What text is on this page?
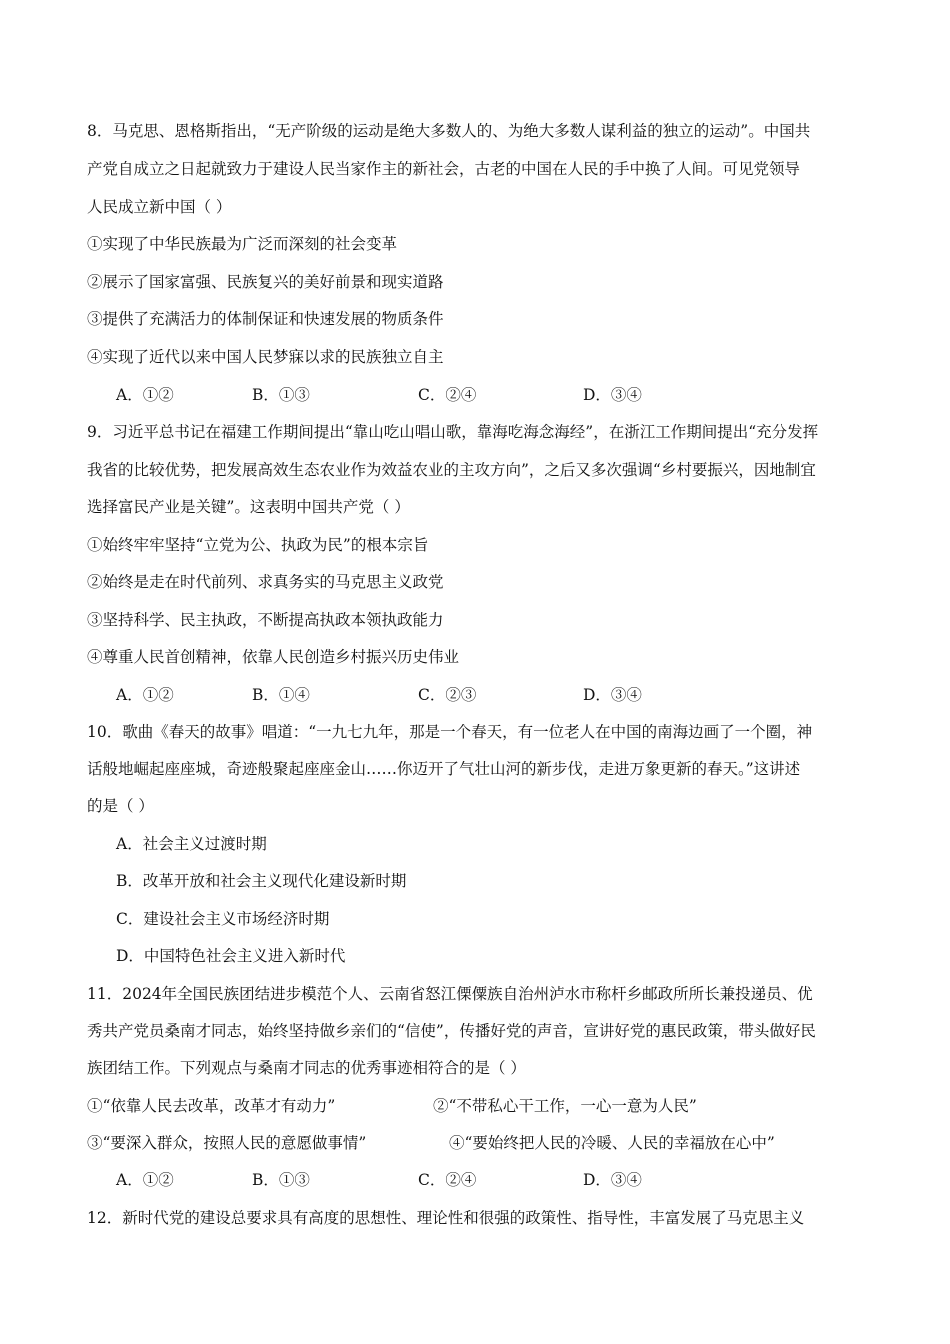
8．马克思、恩格斯指出，“无产阶级的运动是绝大多数人的、为绝大多数人谋利益的独立的运动”。中国共
产党自成立之日起就致力于建设人民当家作主的新社会，古老的中国在人民的手中换了人间。可见党领导
人民成立新中国（ ）
①实现了中华民族最为广泛而深刻的社会变革
②展示了国家富强、民族复兴的美好前景和现实道路
③提供了充满活力的体制保证和快速发展的物质条件
④实现了近代以来中国人民梦寐以求的民族独立自主
A．①②	B．①③	C．②④	D．③④
9．习近平总书记在福建工作期间提出“靠山吃山唱山歌，靠海吃海念海经”，在浙江工作期间提出“充分发挥
我省的比较优势，把发展高效生态农业作为效益农业的主攻方向”，之后又多次强调“乡村要振兴，因地制宜
选择富民产业是关键”。这表明中国共产党（ ）
①始终牢牢坚持“立党为公、执政为民”的根本宗旨
②始终是走在时代前列、求真务实的马克思主义政党
③坚持科学、民主执政，不断提高执政本领执政能力
④尊重人民首创精神，依靠人民创造乡村振兴历史伟业
A．①②	B．①④	C．②③	D．③④
10．歌曲《春天的故事》唱道：“一九七九年，那是一个春天，有一位老人在中国的南海边画了一个圈，神
话般地崛起座座城，奇迹般聚起座座金山……你迈开了气壮山河的新步伐，走进万象更新的春天。”这讲述
的是（ ）
A．社会主义过渡时期
B．改革开放和社会主义现代化建设新时期
C．建设社会主义市场经济时期
D．中国特色社会主义进入新时代
11．2024年全国民族团结进步模范个人、云南省怒江傈僳族自治州泸水市称杆乡邮政所所长兼投递员、优
秀共产党员桑南才同志，始终坚持做乡亲们的“信使”，传播好党的声音，宣讲好党的惠民政策，带头做好民
族团结工作。下列观点与桑南才同志的优秀事迹相符合的是（ ）
①“依靠人民去改革，改革才有动力”	②“不带私心干工作，一心一意为人民”
③“要深入群众，按照人民的意愿做事情”	④“要始终把人民的冷暖、人民的幸福放在心中”
A．①②	B．①③	C．②④	D．③④
12．新时代党的建设总要求具有高度的思想性、理论性和很强的政策性、指导性，丰富发展了马克思主义
